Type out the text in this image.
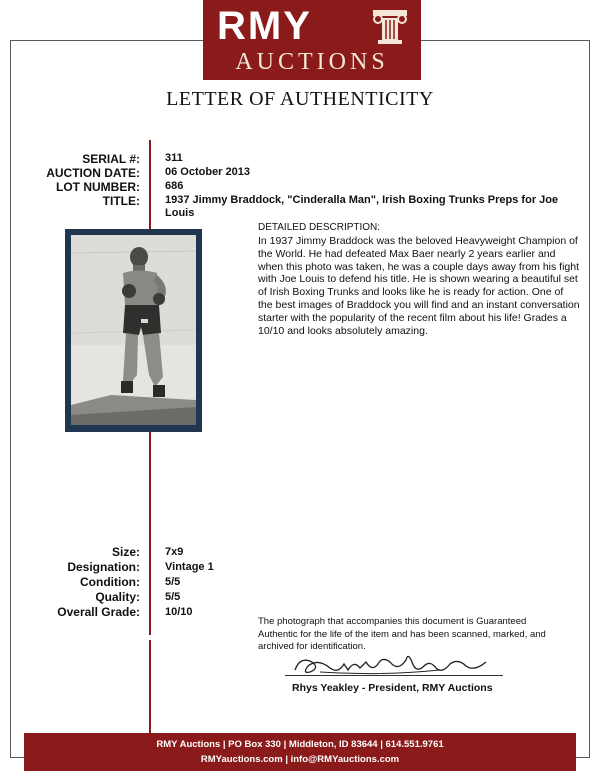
RMY
AUCTIONS
LETTER OF AUTHENTICITY
SERIAL #: 311
AUCTION DATE: 06 October 2013
LOT NUMBER: 686
TITLE: 1937 Jimmy Braddock, "Cinderalla Man", Irish Boxing Trunks Preps for Joe
Louis
DETAILED DESCRIPTION:
In 1937 Jimmy Braddock was the beloved Heavyweight Champion of the World. He had defeated Max Baer nearly 2 years earlier and when this photo was taken, he was a couple days away from his fight with Joe Louis to defend his title. He is shown wearing a beautiful set of Irish Boxing Trunks and looks like he is ready for action. One of the best images of Braddock you will find and an instant conversation starter with the popularity of the recent film about his life! Grades a 10/10 and looks absolutely amazing.
Size: 7x9
Designation: Vintage 1
Condition: 5/5
Quality: 5/5
Overall Grade: 10/10
The photograph that accompanies this document is Guaranteed Authentic for the life of the item and has been scanned, marked, and archived for identification.
Rhys Yeakley - President, RMY Auctions
RMY Auctions | PO Box 330 | Middleton, ID 83644 | 614.551.9761
RMYauctions.com | info@RMYauctions.com
